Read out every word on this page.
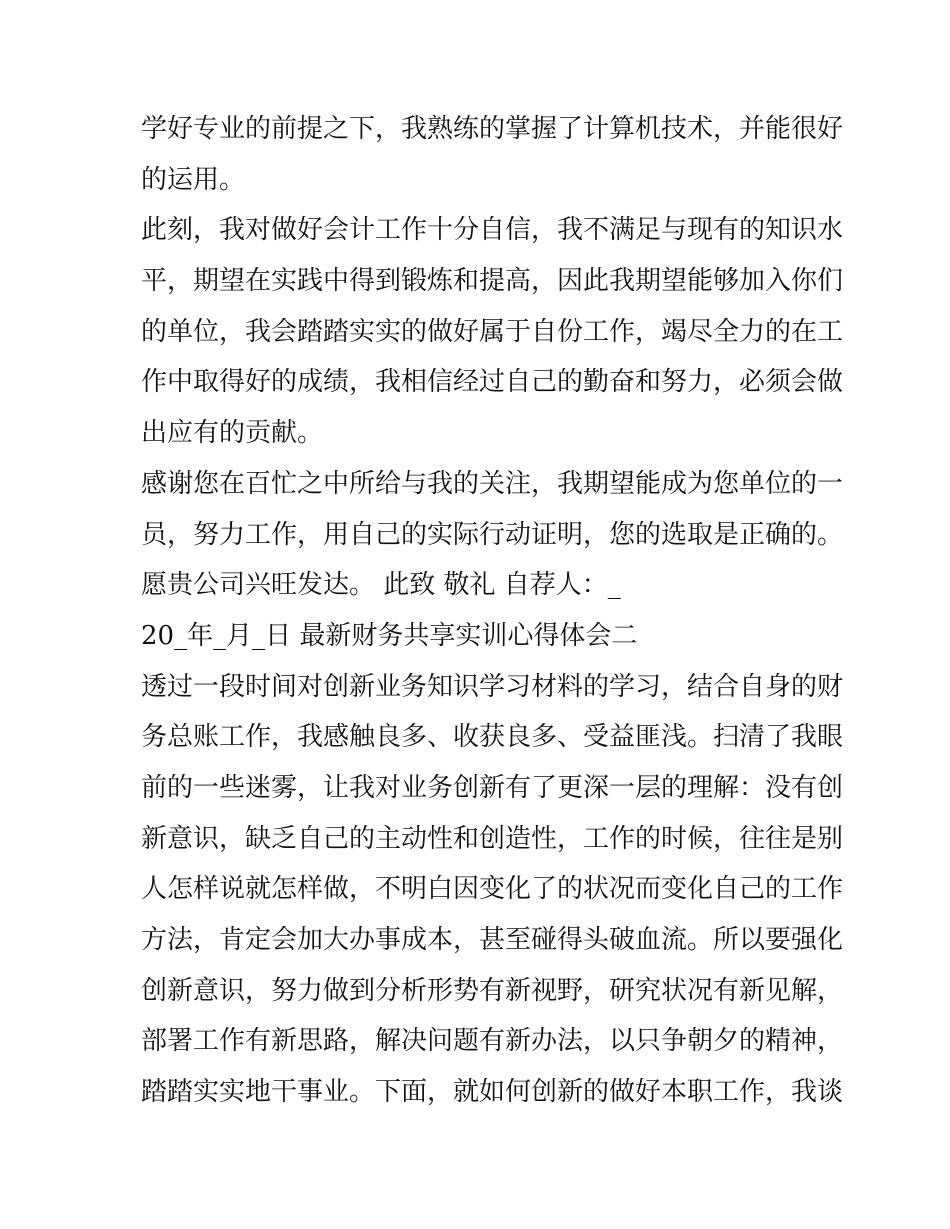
学好专业的前提之下，我熟练的掌握了计算机技术，并能很好
的运用。
此刻，我对做好会计工作十分自信，我不满足与现有的知识水
平，期望在实践中得到锻炼和提高，因此我期望能够加入你们
的单位，我会踏踏实实的做好属于自份工作，竭尽全力的在工
作中取得好的成绩，我相信经过自己的勤奋和努力，必须会做
出应有的贡献。
感谢您在百忙之中所给与我的关注，我期望能成为您单位的一
员，努力工作，用自己的实际行动证明，您的选取是正确的。
愿贵公司兴旺发达。 此致 敬礼 自荐人：_
20_年_月_日 最新财务共享实训心得体会二
透过一段时间对创新业务知识学习材料的学习，结合自身的财
务总账工作，我感触良多、收获良多、受益匪浅。扫清了我眼
前的一些迷雾，让我对业务创新有了更深一层的理解：没有创
新意识，缺乏自己的主动性和创造性，工作的时候，往往是别
人怎样说就怎样做，不明白因变化了的状况而变化自己的工作
方法，肯定会加大办事成本，甚至碰得头破血流。所以要强化
创新意识，努力做到分析形势有新视野，研究状况有新见解，
部署工作有新思路，解决问题有新办法，以只争朝夕的精神，
踏踏实实地干事业。下面，就如何创新的做好本职工作，我谈
